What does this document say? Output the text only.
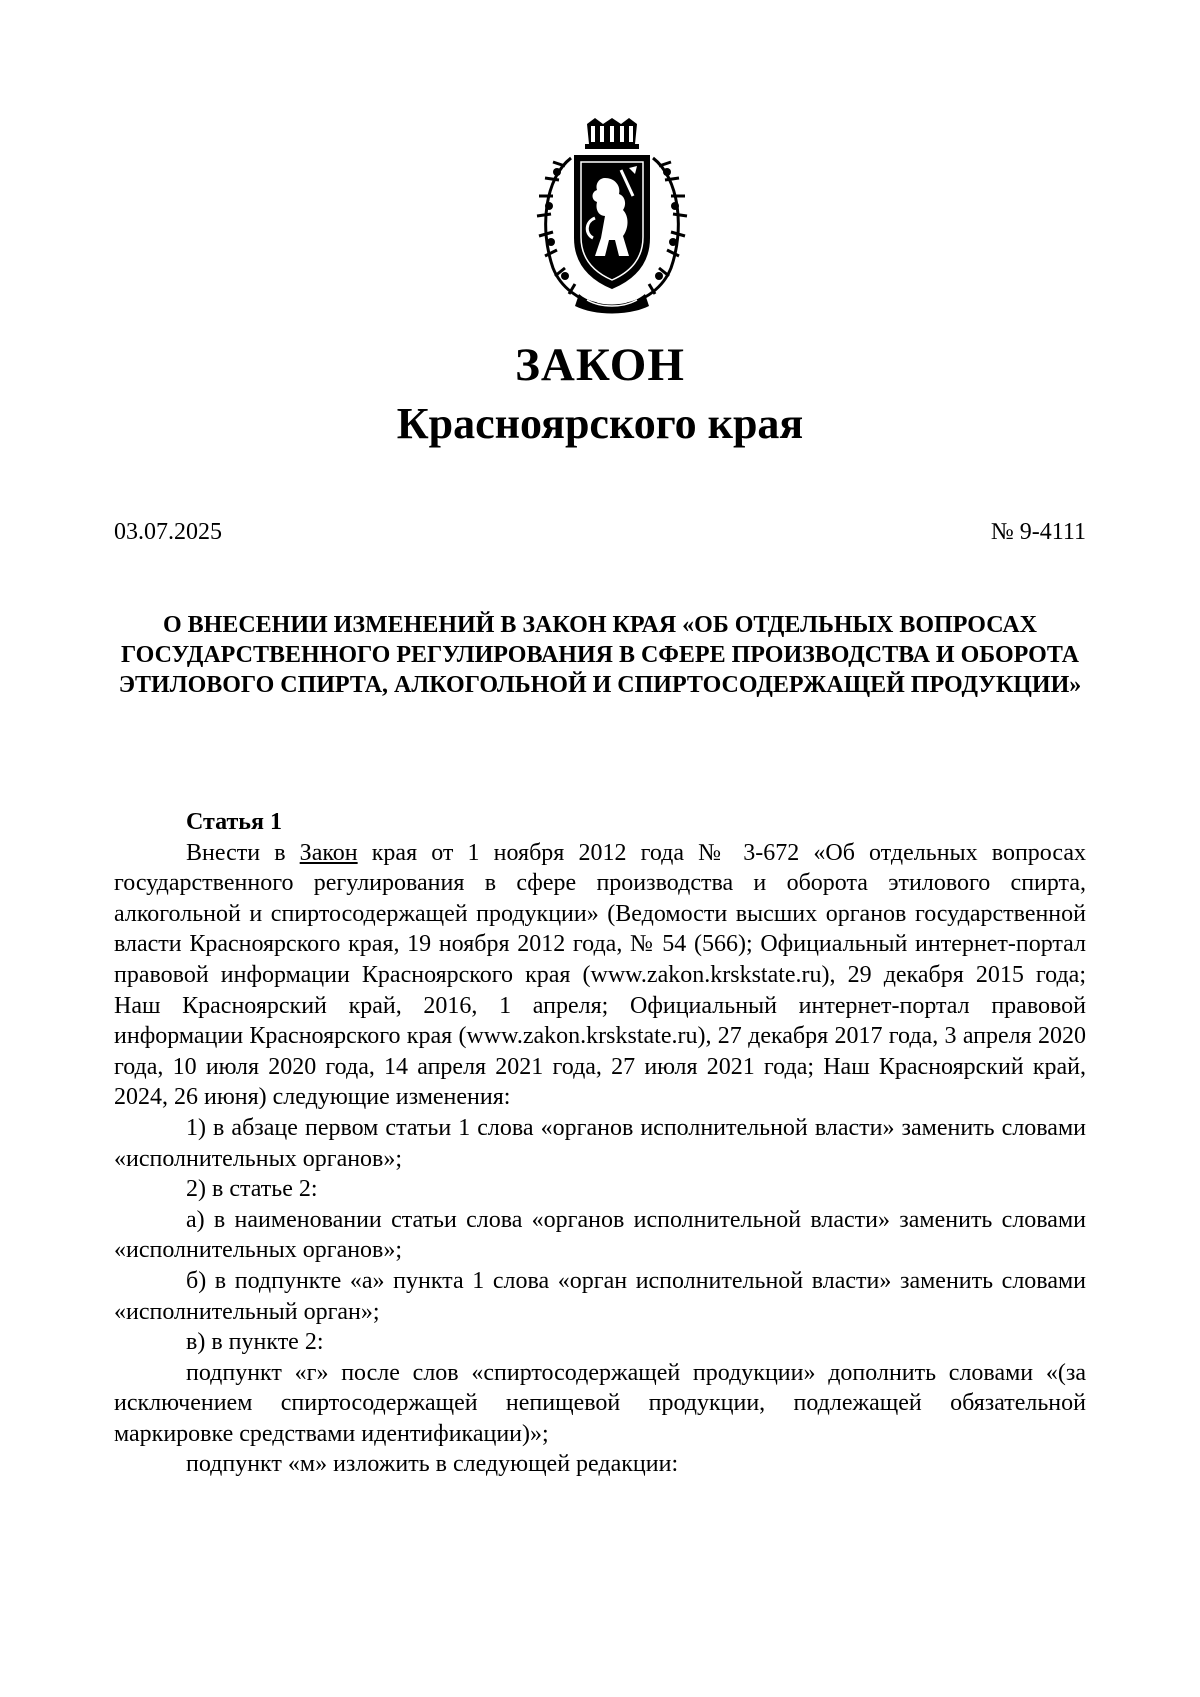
ЗАКОН
Красноярского края
03.07.2025	№ 9-4111
О ВНЕСЕНИИ ИЗМЕНЕНИЙ В ЗАКОН КРАЯ «ОБ ОТДЕЛЬНЫХ ВОПРОСАХ ГОСУДАРСТВЕННОГО РЕГУЛИРОВАНИЯ В СФЕРЕ ПРОИЗВОДСТВА И ОБОРОТА ЭТИЛОВОГО СПИРТА, АЛКОГОЛЬНОЙ И СПИРТОСОДЕРЖАЩЕЙ ПРОДУКЦИИ»
Статья 1

Внести в Закон края от 1 ноября 2012 года № 3-672 «Об отдельных вопросах государственного регулирования в сфере производства и оборота этилового спирта, алкогольной и спиртосодержащей продукции» (Ведомости высших органов государственной власти Красноярского края, 19 ноября 2012 года, № 54 (566); Официальный интернет-портал правовой информации Красноярского края (www.zakon.krskstate.ru), 29 декабря 2015 года; Наш Красноярский край, 2016, 1 апреля; Официальный интернет-портал правовой информации Красноярского края (www.zakon.krskstate.ru), 27 декабря 2017 года, 3 апреля 2020 года, 10 июля 2020 года, 14 апреля 2021 года, 27 июля 2021 года; Наш Красноярский край, 2024, 26 июня) следующие изменения:

1) в абзаце первом статьи 1 слова «органов исполнительной власти» заменить словами «исполнительных органов»;

2) в статье 2:

а) в наименовании статьи слова «органов исполнительной власти» заменить словами «исполнительных органов»;

б) в подпункте «а» пункта 1 слова «орган исполнительной власти» заменить словами «исполнительный орган»;

в) в пункте 2:

подпункт «г» после слов «спиртосодержащей продукции» дополнить словами «(за исключением спиртосодержащей непищевой продукции, подлежащей обязательной маркировке средствами идентификации)»;

подпункт «м» изложить в следующей редакции:
